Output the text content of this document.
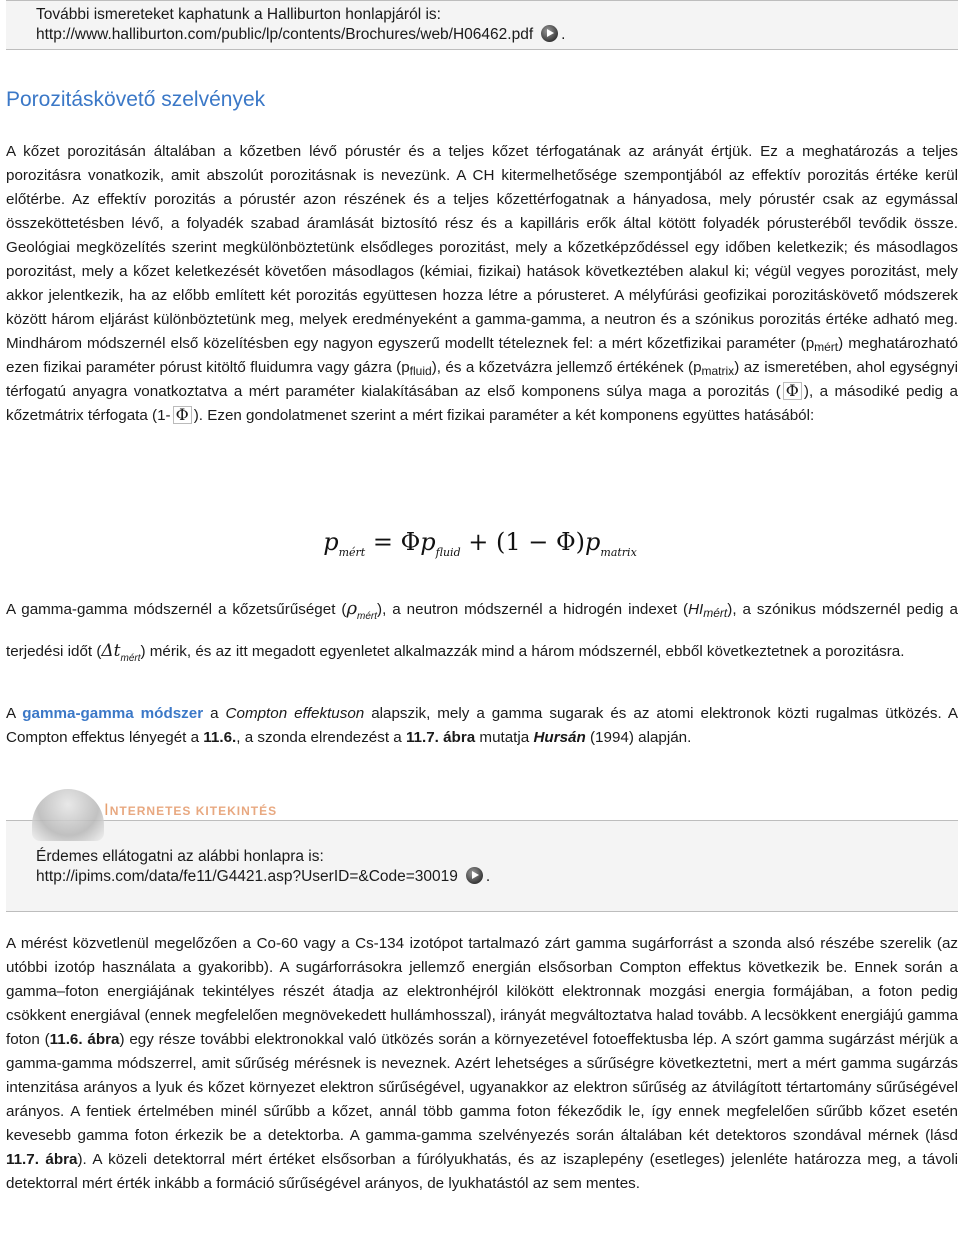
További ismereteket kaphatunk a Halliburton honlapjáról is:
http://www.halliburton.com/public/lp/contents/Brochures/web/H06462.pdf .
Porozitáskövető szelvények

A kőzet porozitásán általában a kőzetben lévő pórustér és a teljes kőzet térfogatának az arányát értjük. Ez a meghatározás a teljes porozitásra vonatkozik, amit abszolút porozitásnak is nevezünk. A CH kitermelhetősége szempontjából az effektív porozitás értéke kerül előtérbe. Az effektív porozitás a pórustér azon részének és a teljes kőzettérfogatnak a hányadosa, mely pórustér csak az egymással összeköttetésben lévő, a folyadék szabad áramlását biztosító rész és a kapilláris erők által kötött folyadék pórusteréből tevődik össze. Geológiai megközelítés szerint megkülönböztetünk elsődleges porozitást, mely a kőzetképződéssel egy időben keletkezik; és másodlagos porozitást, mely a kőzet keletkezését követően másodlagos (kémiai, fizikai) hatások következtében alakul ki; végül vegyes porozitást, mely akkor jelentkezik, ha az előbb említett két porozitás együttesen hozza létre a pórusteret. A mélyfúrási geofizikai porozitáskövető módszerek között három eljárást különböztetünk meg, melyek eredményeként a gamma-gamma, a neutron és a szónikus porozitás értéke adható meg. Mindhárom módszernél első közelítésben egy nagyon egyszerű modellt tételeznek fel: a mért kőzetfizikai paraméter $(p_{mért})$ meghatározható ezen fizikai paraméter pórust kitöltő fluidumra vagy gázra $(p_{fluid})$, és a kőzetvázra jellemző értékének $(p_{matrix})$ az ismeretében, ahol egységnyi térfogatú anyagra vonatkoztatva a mért paraméter kialakításában az első komponens súlya maga a porozitás ( Φ ), a másodiké pedig a kőzetmátrix térfogata (1- Φ ). Ezen gondolatmenet szerint a mért fizikai paraméter a két komponens együttes hatásából:

$p_{mért} = \Phi p_{fluid} + (1 - \Phi)p_{matrix}$

A gamma-gamma módszernél a kőzetsűrűséget $(\rho_{mért})$, a neutron módszernél a hidrogén indexet $(HI_{mért})$, a szónikus módszernél pedig a terjedési időt $(\Delta t_{mért})$ mérik, és az itt megadott egyenletet alkalmazzák mind a három módszernél, ebből következtetnek a porozitásra.

A gamma-gamma módszer a Compton effektuson alapszik, mely a gamma sugarak és az atomi elektronok közti rugalmas ütközés. A Compton effektus lényegét a 11.6., a szonda elrendezést a 11.7. ábra mutatja Hursán (1994) alapján.

Érdemes ellátogatni az alábbi honlapra is:
http://ipims.com/data/fe11/G4421.asp?UserID=&Code=30019 .
INTERNETES KITEKINTÉS

A mérést közvetlenül megelőzően a Co-60 vagy a Cs-134 izotópot tartalmazó zárt gamma sugárforrást a szonda alsó részébe szerelik (az utóbbi izotóp használata a gyakoribb). A sugárforrásokra jellemző energián elsősorban Compton effektus következik be. Ennek során a gamma–foton energiájának tekintélyes részét átadja az elektronhéjról kilökött elektronnak mozgási energia formájában, a foton pedig csökkent energiával (ennek megfelelően megnövekedett hullámhosszal), irányát megváltoztatva halad tovább. A lecsökkent energiájú gamma foton (11.6. ábra) egy része további elektronokkal való ütközés során a környezetével fotoeffektusba lép. A szórt gamma sugárzást mérjük a gamma-gamma módszerrel, amit sűrűség mérésnek is neveznek. Azért lehetséges a sűrűségre következtetni, mert a mért gamma sugárzás intenzitása arányos a lyuk és kőzet környezet elektron sűrűségével, ugyanakkor az elektron sűrűség az átvilágított tértartomány sűrűségével arányos. A fentiek értelmében minél sűrűbb a kőzet, annál több gamma foton fékeződik le, így ennek megfelelően sűrűbb kőzet esetén kevesebb gamma foton érkezik be a detektorba. A gamma-gamma szelvényezés során általában két detektoros szondával mérnek (lásd 11.7. ábra). A közeli detektorral mért értéket elsősorban a fúrólyukhatás, és az iszaplepény (esetleges) jelenléte határozza meg, a távoli detektorral mért érték inkább a formáció sűrűségével arányos, de lyukhatástól az sem mentes.
